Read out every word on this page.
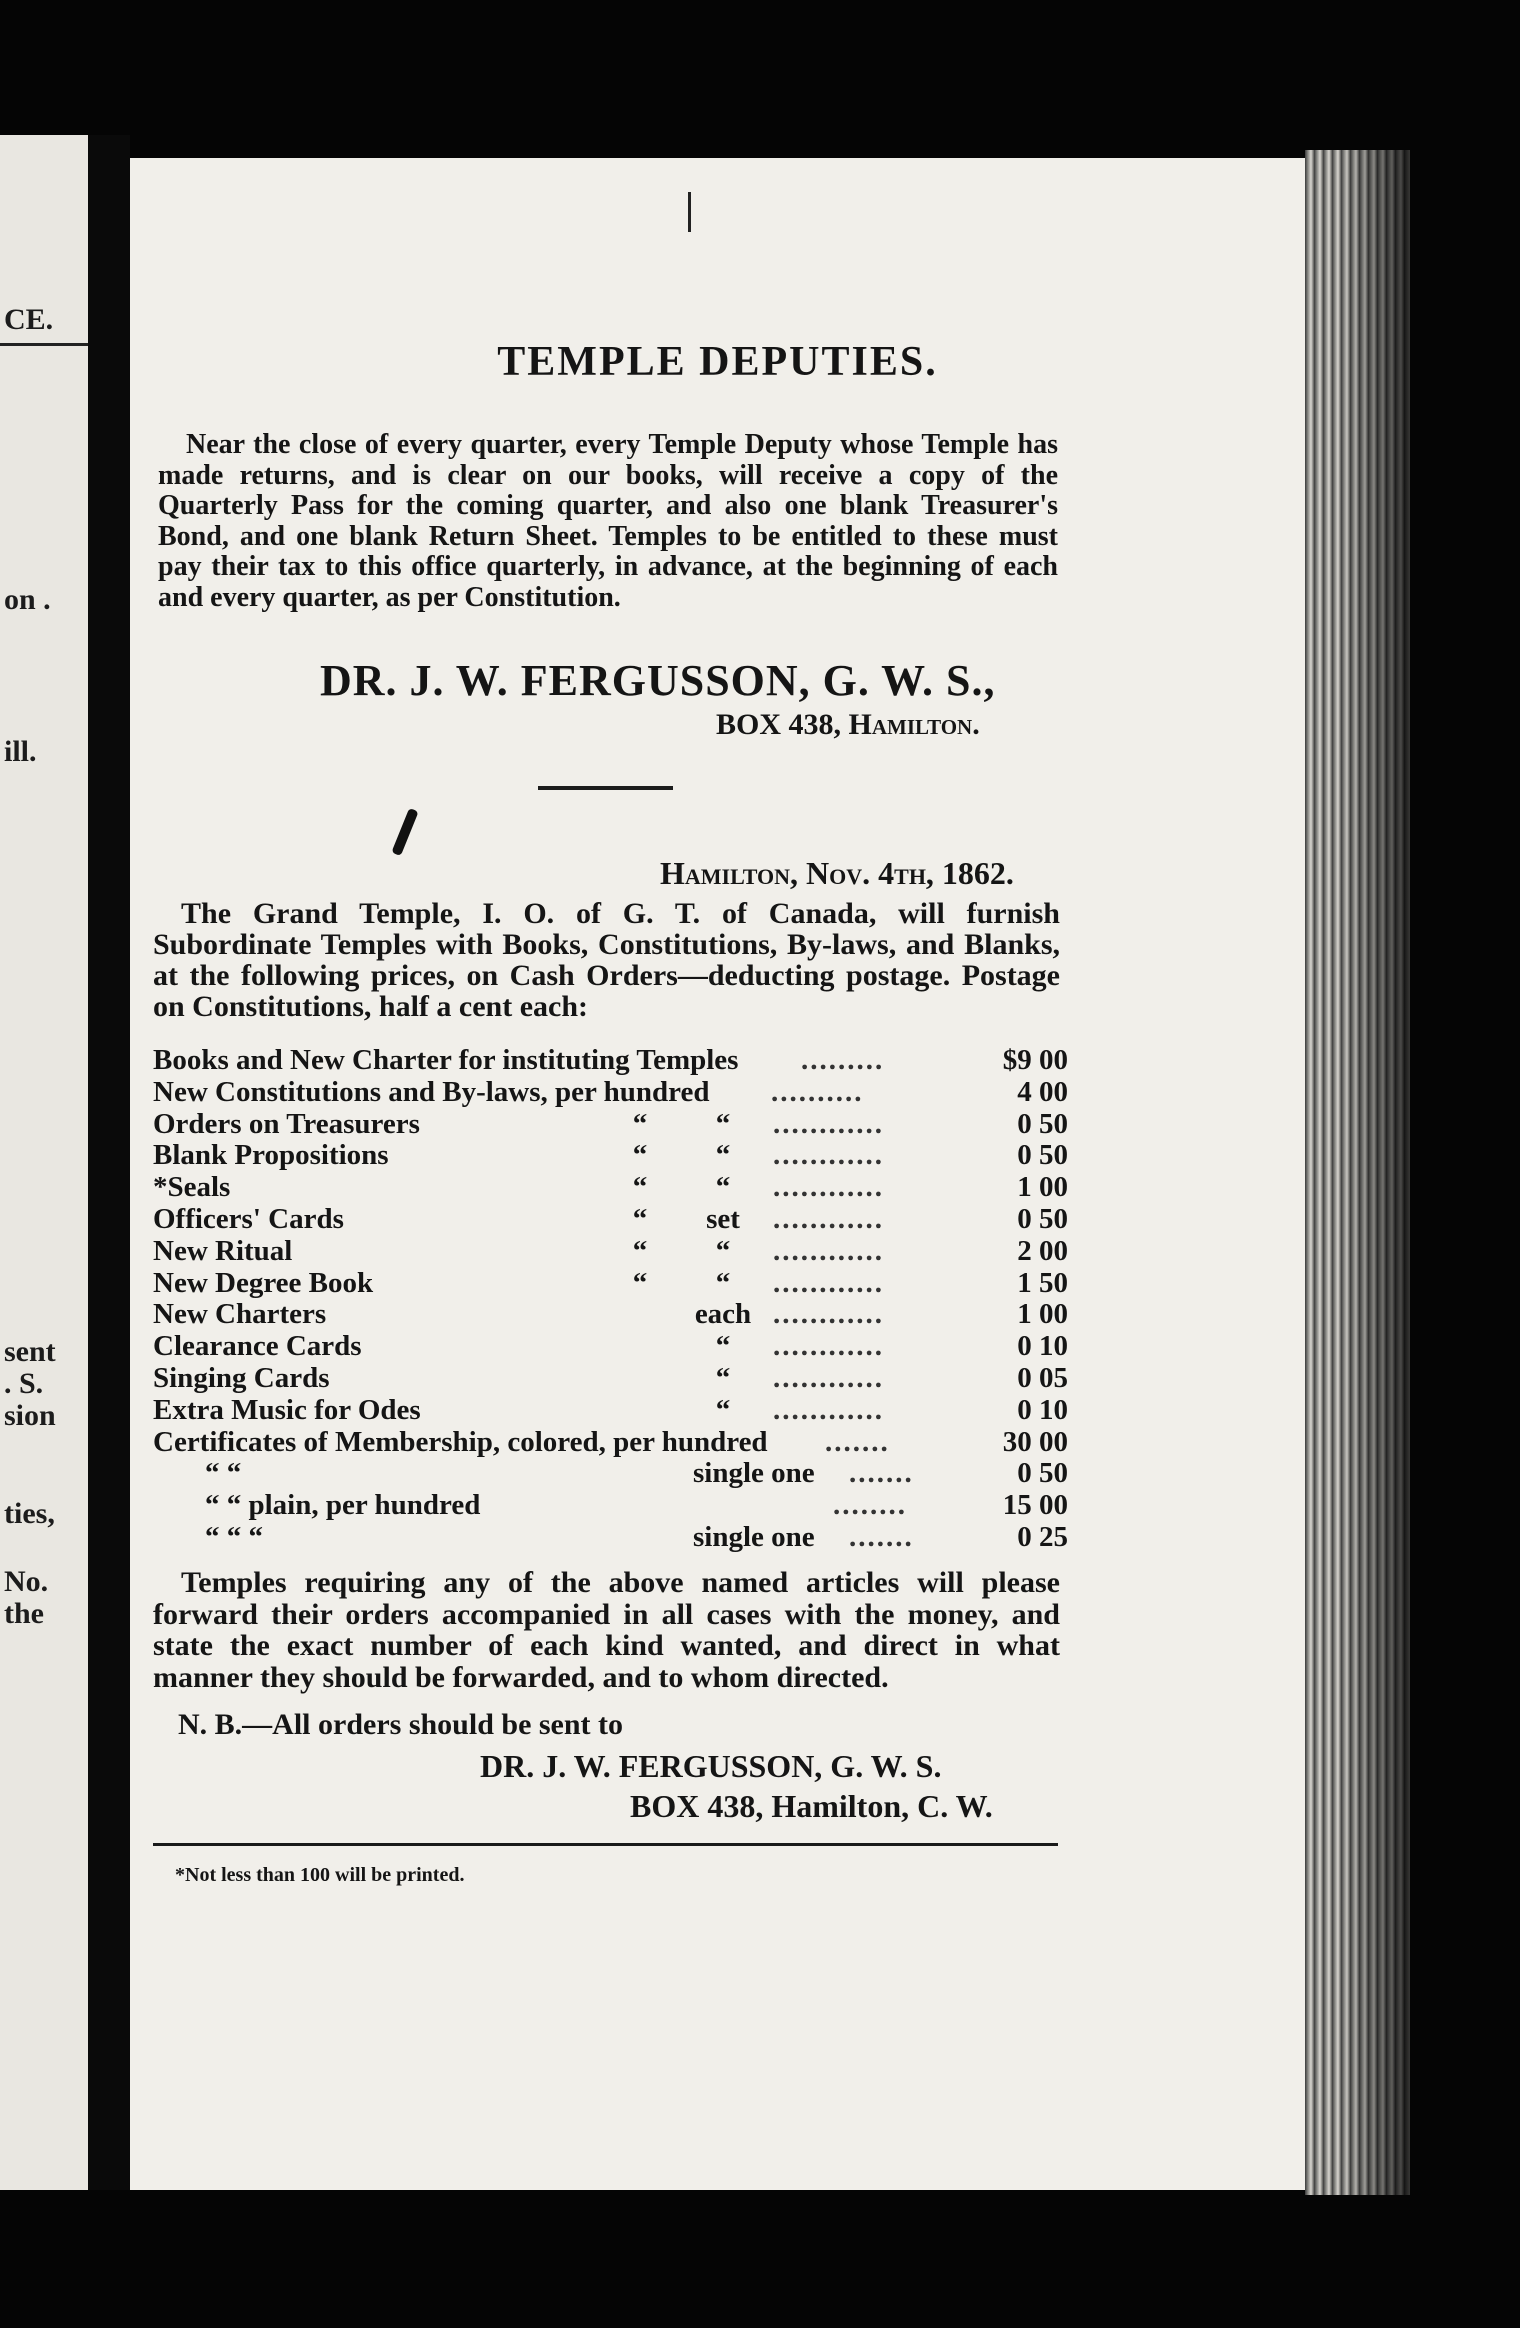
CE.
on .
ill.
sent
. S.
sion
ties,
No.
the
TEMPLE DEPUTIES.

Near the close of every quarter, every Temple Deputy whose Temple has made returns, and is clear on our books, will receive a copy of the Quarterly Pass for the coming quarter, and also one blank Treasurer's Bond, and one blank Return Sheet. Temples to be entitled to these must pay their tax to this office quarterly, in advance, at the beginning of each and every quarter, as per Constitution.

DR. J. W. FERGUSSON, G. W. S.,
BOX 438, Hamilton.
Hamilton, Nov. 4th, 1862.

The Grand Temple, I. O. of G. T. of Canada, will furnish Subordinate Temples with Books, Constitutions, By-laws, and Blanks, at the following prices, on Cash Orders—deducting postage. Postage on Constitutions, half a cent each:

Books and New Charter for instituting Temples .........	$9 00
New Constitutions and By-laws, per hundred ..........	4 00
Orders on Treasurers	“	“	............	0 50
Blank Propositions	“	“	............	0 50
*Seals	“	“	............	1 00
Officers' Cards	“	set	............	0 50
New Ritual	“	“	............	2 00
New Degree Book	“	“	............	1 50
New Charters	each ............	1 00
Clearance Cards	“	............	0 10
Singing Cards	“	............	0 05
Extra Music for Odes	“	............	0 10
Certificates of Membership, colored, per hundred .......	30 00
“ “	single one	.......	0 50
“ “ plain, per hundred	........	15 00
“ “ “	single one	.......	0 25

Temples requiring any of the above named articles will please forward their orders accompanied in all cases with the money, and state the exact number of each kind wanted, and direct in what manner they should be forwarded, and to whom directed.

N. B.—All orders should be sent to
DR. J. W. FERGUSSON, G. W. S.
BOX 438, Hamilton, C. W.
*Not less than 100 will be printed.
